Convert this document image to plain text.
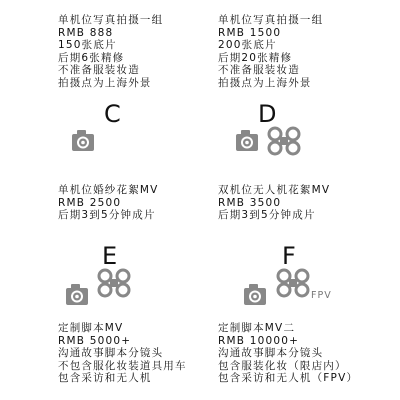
单机位写真拍摄一组
RMB 888
150张底片
后期6张精修
不准备服装妆造
拍摄点为上海外景
单机位写真拍摄一组
RMB 1500
200张底片
后期20张精修
不准备服装妆造
拍摄点为上海外景
C	D
单机位婚纱花絮MV
RMB 2500
后期3到5分钟成片
双机位无人机花絮MV
RMB 3500
后期3到5分钟成片
E	F
FPV
定制脚本MV
RMB 5000+
沟通故事脚本分镜头
不包含服化妆装道具用车
包含采访和无人机
定制脚本MV二
RMB 10000+
沟通故事脚本分镜头
包含服装化妆（限店内）
包含采访和无人机（FPV）
